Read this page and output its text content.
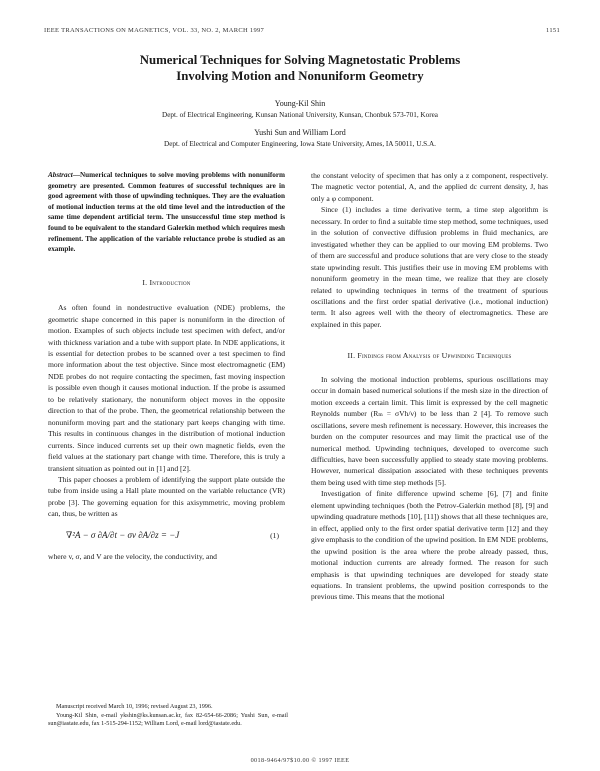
IEEE TRANSACTIONS ON MAGNETICS, VOL. 33, NO. 2, MARCH 1997	1151
Numerical Techniques for Solving Magnetostatic Problems
Involving Motion and Nonuniform Geometry
Young-Kil Shin
Dept. of Electrical Engineering, Kunsan National University, Kunsan, Chonbuk 573-701, Korea
Yushi Sun and William Lord
Dept. of Electrical and Computer Engineering, Iowa State University, Ames, IA 50011, U.S.A.

Abstract—Numerical techniques to solve moving problems with nonuniform geometry are presented. Common features of successful techniques are in good agreement with those of upwinding techniques. They are the evaluation of motional induction terms at the old time level and the introduction of the same time dependent artificial term. The unsuccessful time step method is found to be equivalent to the standard Galerkin method which requires mesh refinement. The application of the variable reluctance probe is studied as an example.

I. Introduction

As often found in nondestructive evaluation (NDE) problems, the geometric shape concerned in this paper is nonuniform in the direction of motion. Examples of such objects include test specimen with defect, and/or with thickness variation and a tube with support plate. In NDE applications, it is essential for detection probes to be scanned over a test specimen to find more information about the test objective. Since most electromagnetic (EM) NDE probes do not require contacting the specimen, fast moving inspection is possible even though it causes motional induction. If the probe is assumed to be relatively stationary, the nonuniform object moves in the opposite direction to that of the probe. Then, the geometrical relationship between the nonuniform moving part and the stationary part keeps changing with time. This results in continuous changes in the distribution of motional induction currents. Since induced currents set up their own magnetic fields, even the field values at the stationary part change with time. Therefore, this is truly a transient situation as pointed out in [1] and [2].

This paper chooses a problem of identifying the support plate outside the tube from inside using a Hall plate mounted on the variable reluctance (VR) probe [3]. The governing equation for this axisymmetric, moving problem can, thus, be written as

∇²A − σ ∂A/∂t − σv ∂A/∂z = −J	(1)

where v, σ, and V are the velocity, the conductivity, and

Manuscript received March 10, 1996; revised August 23, 1996.

Young-Kil Shin, e-mail ykshin@ks.kunsan.ac.kr, fax 82-654-66-2086; Yushi Sun, e-mail sun@iastate.edu, fax 1-515-294-1152; William Lord, e-mail lord@iastate.edu.

the constant velocity of specimen that has only a z component, respectively. The magnetic vector potential, A, and the applied dc current density, J, has only a φ component.

Since (1) includes a time derivative term, a time step algorithm is necessary. In order to find a suitable time step method, some techniques, used in the solution of convective diffusion problems in fluid mechanics, are investigated whether they can be applied to our moving EM problems. Two of them are successful and produce solutions that are very close to the steady state upwinding result. This justifies their use in moving EM problems with nonuniform geometry in the mean time, we realize that they are closely related to upwinding techniques in terms of the treatment of spurious oscillations and the first order spatial derivative (i.e., motional induction) term. It also agrees well with the theory of electromagnetics. These are explained in this paper.

II. Findings from Analysis of Upwinding Techniques

In solving the motional induction problems, spurious oscillations may occur in domain based numerical solutions if the mesh size in the direction of motion exceeds a certain limit. This limit is expressed by the cell magnetic Reynolds number (Rₘ = σVh/ν) to be less than 2 [4]. To remove such oscillations, severe mesh refinement is necessary. However, this increases the burden on the computer resources and may limit the practical use of the numerical method. Upwinding techniques, developed to overcome such difficulties, have been successfully applied to steady state moving problems. However, numerical dissipation associated with these techniques prevents them being used with time step methods [5].

Investigation of finite difference upwind scheme [6], [7] and finite element upwinding techniques (both the Petrov-Galerkin method [8], [9] and upwinding quadrature methods [10], [11]) shows that all these techniques are, in effect, applied only to the first order spatial derivative term [12] and they give emphasis to the condition of the upwind position. In EM NDE problems, the upwind position is the area where the probe already passed, thus, motional induction currents are already formed. The reason for such emphasis is that upwinding techniques are developed for steady state equations. In transient problems, the upwind position corresponds to the previous time. This means that the motional

0018-9464/97$10.00 © 1997 IEEE
